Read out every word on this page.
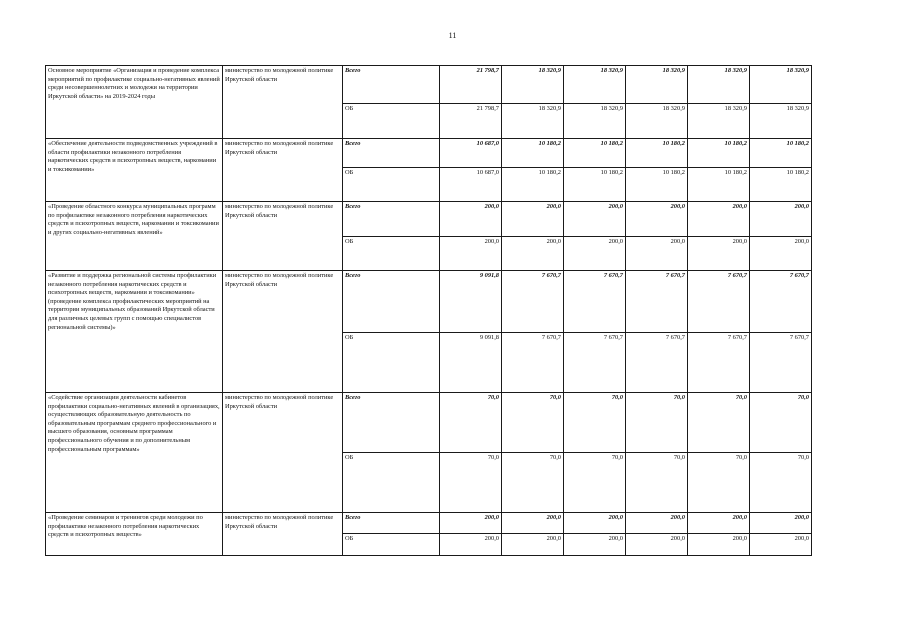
11
Основное мероприятие «Организация и проведение комплекса мероприятий по профилактике социально-негативных явлений среди несовершеннолетних и молодежи на территории Иркутской области» на 2019-2024 годы	министерство по молодежной политике Иркутской области	Всего	21 798,7	18 320,9	18 320,9	18 320,9	18 320,9	18 320,9
		ОБ	21 798,7	18 320,9	18 320,9	18 320,9	18 320,9	18 320,9
«Обеспечение деятельности подведомственных учреждений в области профилактики незаконного потребления наркотических средств и психотропных веществ, наркомании и токсикомании»	министерство по молодежной политике Иркутской области	Всего	10 687,0	10 180,2	10 180,2	10 180,2	10 180,2	10 180,2
		ОБ	10 687,0	10 180,2	10 180,2	10 180,2	10 180,2	10 180,2
«Проведение областного конкурса муниципальных программ по профилактике незаконного потребления наркотических средств и психотропных веществ, наркомании и токсикомании и других социально-негативных явлений»	министерство по молодежной политике Иркутской области	Всего	200,0	200,0	200,0	200,0	200,0	200,0
		ОБ	200,0	200,0	200,0	200,0	200,0	200,0
«Развитие и поддержка региональной системы профилактики незаконного потребления наркотических средств и психотропных веществ, наркомании и токсикомании» (проведение комплекса профилактических мероприятий на территории муниципальных образований Иркутской области для различных целевых групп с помощью специалистов региональной системы)»	министерство по молодежной политике Иркутской области	Всего	9 091,8	7 670,7	7 670,7	7 670,7	7 670,7	7 670,7
		ОБ	9 091,8	7 670,7	7 670,7	7 670,7	7 670,7	7 670,7
«Содействие организации деятельности кабинетов профилактики социально-негативных явлений в организациях, осуществляющих образовательную деятельность по образовательным программам среднего профессионального и высшего образования, основным программам профессионального обучения и по дополнительным профессиональным программам»	министерство по молодежной политике Иркутской области	Всего	70,0	70,0	70,0	70,0	70,0	70,0
		ОБ	70,0	70,0	70,0	70,0	70,0	70,0
«Проведение семинаров и тренингов среди молодежи по профилактике незаконного потребления наркотических средств и психотропных веществ»	министерство по молодежной политике Иркутской области	Всего	200,0	200,0	200,0	200,0	200,0	200,0
		ОБ	200,0	200,0	200,0	200,0	200,0	200,0
